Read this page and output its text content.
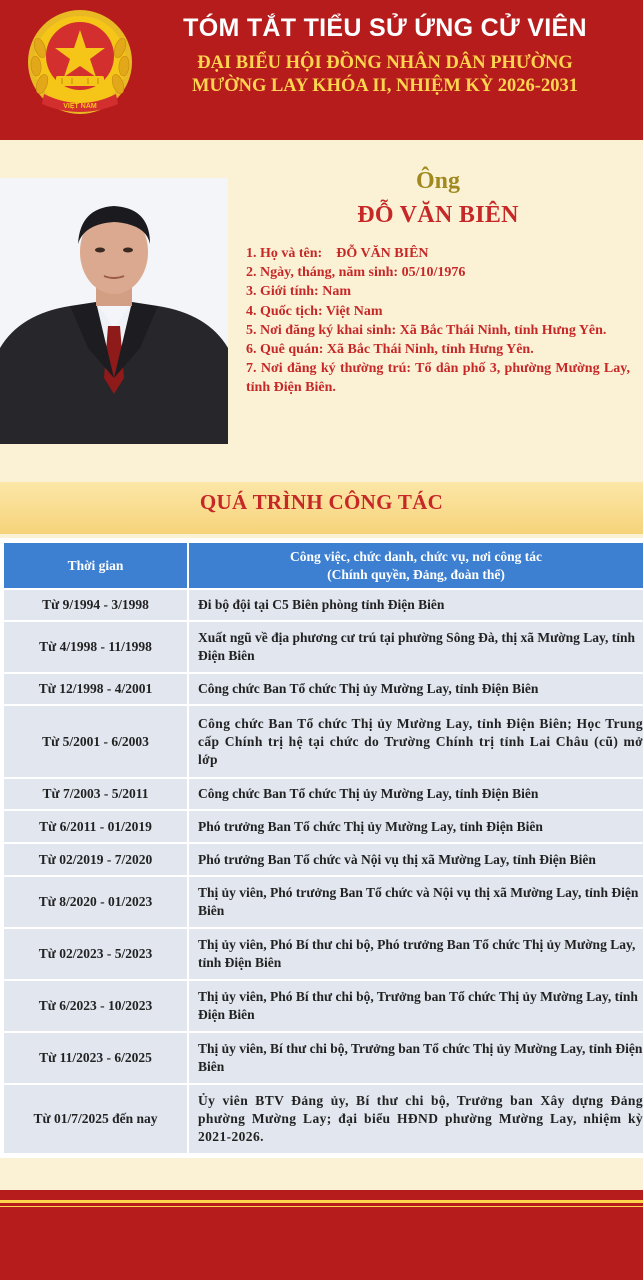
VIỆT NAM
TÓM TẮT TIỂU SỬ ỨNG CỬ VIÊN
ĐẠI BIỂU HỘI ĐỒNG NHÂN DÂN PHƯỜNG
MƯỜNG LAY KHÓA II, NHIỆM KỲ 2026-2031
Ông
ĐỖ VĂN BIÊN
1. Họ và tên:    ĐỖ VĂN BIÊN
2. Ngày, tháng, năm sinh: 05/10/1976
3. Giới tính: Nam
4. Quốc tịch: Việt Nam
5. Nơi đăng ký khai sinh: Xã Bắc Thái Ninh, tỉnh Hưng Yên.
6. Quê quán: Xã Bắc Thái Ninh, tỉnh Hưng Yên.
7. Nơi đăng ký thường trú: Tổ dân phố 3, phường Mường Lay, tỉnh Điện Biên.
QUÁ TRÌNH CÔNG TÁC
Thời gian	Công việc, chức danh, chức vụ, nơi công tác
(Chính quyền, Đảng, đoàn thể)

Từ 9/1994 - 3/1998	Đi bộ đội tại C5 Biên phòng tỉnh Điện Biên
Từ 4/1998 - 11/1998	Xuất ngũ về địa phương cư trú tại phường Sông Đà, thị xã Mường Lay, tỉnh Điện Biên
Từ 12/1998 - 4/2001	Công chức Ban Tổ chức Thị ủy Mường Lay, tỉnh Điện Biên
Từ 5/2001 - 6/2003	Công chức Ban Tổ chức Thị ủy Mường Lay, tỉnh Điện Biên; Học Trung cấp Chính trị hệ tại chức do Trường Chính trị tỉnh Lai Châu (cũ) mở lớp
Từ 7/2003 - 5/2011	Công chức Ban Tổ chức Thị ủy Mường Lay, tỉnh Điện Biên
Từ 6/2011 - 01/2019	Phó trưởng Ban Tổ chức Thị ủy Mường Lay, tỉnh Điện Biên
Từ 02/2019 - 7/2020	Phó trưởng Ban Tổ chức và Nội vụ thị xã Mường Lay, tỉnh Điện Biên
Từ 8/2020 - 01/2023	Thị ủy viên, Phó trưởng Ban Tổ chức và Nội vụ thị xã Mường Lay, tỉnh Điện Biên
Từ 02/2023 - 5/2023	Thị ủy viên, Phó Bí thư chi bộ, Phó trưởng Ban Tổ chức Thị ủy Mường Lay, tỉnh Điện Biên
Từ 6/2023 - 10/2023	Thị ủy viên, Phó Bí thư chi bộ, Trưởng ban Tổ chức Thị ủy Mường Lay, tỉnh Điện Biên
Từ 11/2023 - 6/2025	Thị ủy viên, Bí thư chi bộ, Trưởng ban Tổ chức Thị ủy Mường Lay, tỉnh Điện Biên
Từ 01/7/2025 đến nay	Ủy viên BTV Đảng ủy, Bí thư chi bộ, Trưởng ban Xây dựng Đảng phường Mường Lay; đại biểu HĐND phường Mường Lay, nhiệm kỳ 2021-2026.
